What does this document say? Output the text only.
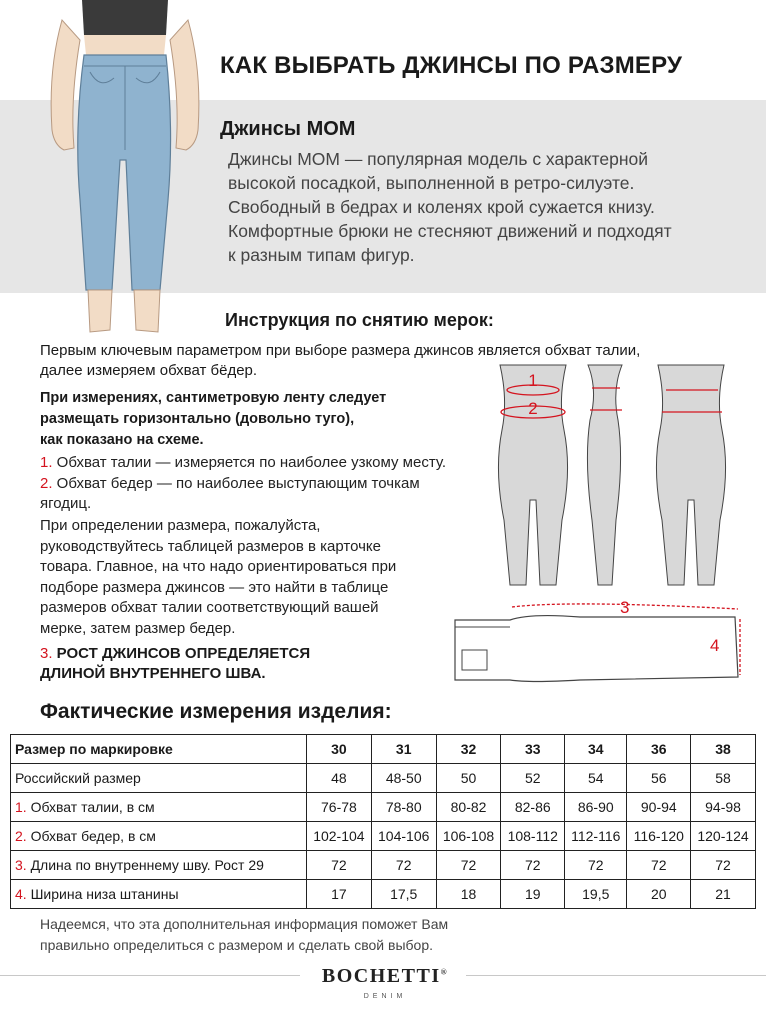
КАК ВЫБРАТЬ ДЖИНСЫ ПО РАЗМЕРУ
Джинсы MOM
Джинсы MOM — популярная модель с характерной
высокой посадкой, выполненной в ретро-силуэте.
Свободный в бедрах и коленях крой сужается книзу.
Комфортные брюки не стесняют движений и подходят
к разным типам фигур.
Инструкция по снятию мерок:
Первым ключевым параметром при выборе размера джинсов является обхват талии,
далее измеряем обхват бёдер.
При измерениях, сантиметровую ленту следует
размещать горизонтально (довольно туго),
как показано на схеме.
1. Обхват талии — измеряется по наиболее узкому месту.
2. Обхват бедер — по наиболее выступающим точкам
ягодиц.
При определении размера, пожалуйста,
руководствуйтесь таблицей размеров в карточке
товара. Главное, на что надо ориентироваться при
подборе размера джинсов — это найти в таблице
размеров обхват талии соответствующий вашей
мерке, затем размер бедер.
3. РОСТ ДЖИНСОВ ОПРЕДЕЛЯЕТСЯ
ДЛИНОЙ ВНУТРЕННЕГО ШВА.
1
2
3
4
Фактические измерения изделия:
Размер по маркировке	30	31	32	33	34	36	38
Российский размер	48	48-50	50	52	54	56	58
1. Обхват талии, в см	76-78	78-80	80-82	82-86	86-90	90-94	94-98
2. Обхват бедер, в см	102-104	104-106	106-108	108-112	112-116	116-120	120-124
3. Длина по внутреннему шву. Рост 29	72	72	72	72	72	72	72
4. Ширина низа штанины	17	17,5	18	19	19,5	20	21
Надеемся, что эта дополнительная информация поможет Вам
правильно определиться с размером и сделать свой выбор.
BOCHETTI®
DENIM
